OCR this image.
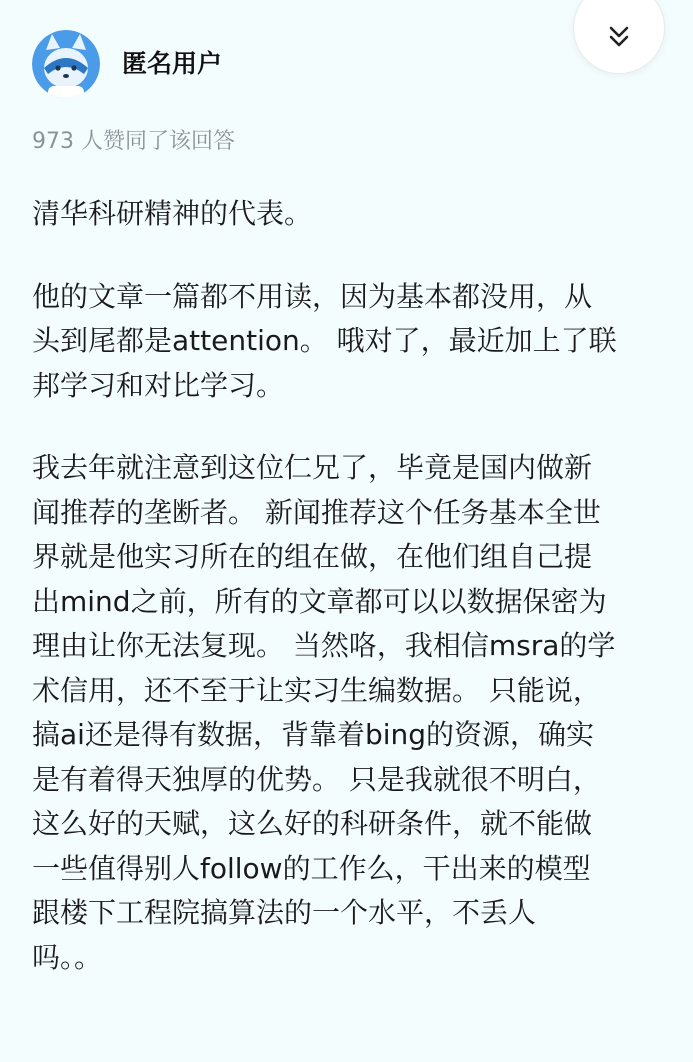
匿名用户
973 人赞同了该回答

清华科研精神的代表。

他的文章一篇都不用读，因为基本都没用，从
头到尾都是attention。 哦对了，最近加上了联
邦学习和对比学习。

我去年就注意到这位仁兄了，毕竟是国内做新
闻推荐的垄断者。 新闻推荐这个任务基本全世
界就是他实习所在的组在做，在他们组自己提
出mind之前，所有的文章都可以以数据保密为
理由让你无法复现。 当然咯，我相信msra的学
术信用，还不至于让实习生编数据。 只能说，
搞ai还是得有数据，背靠着bing的资源，确实
是有着得天独厚的优势。 只是我就很不明白，
这么好的天赋，这么好的科研条件，就不能做
一些值得别人follow的工作么，干出来的模型
跟楼下工程院搞算法的一个水平，不丢人
吗。。
